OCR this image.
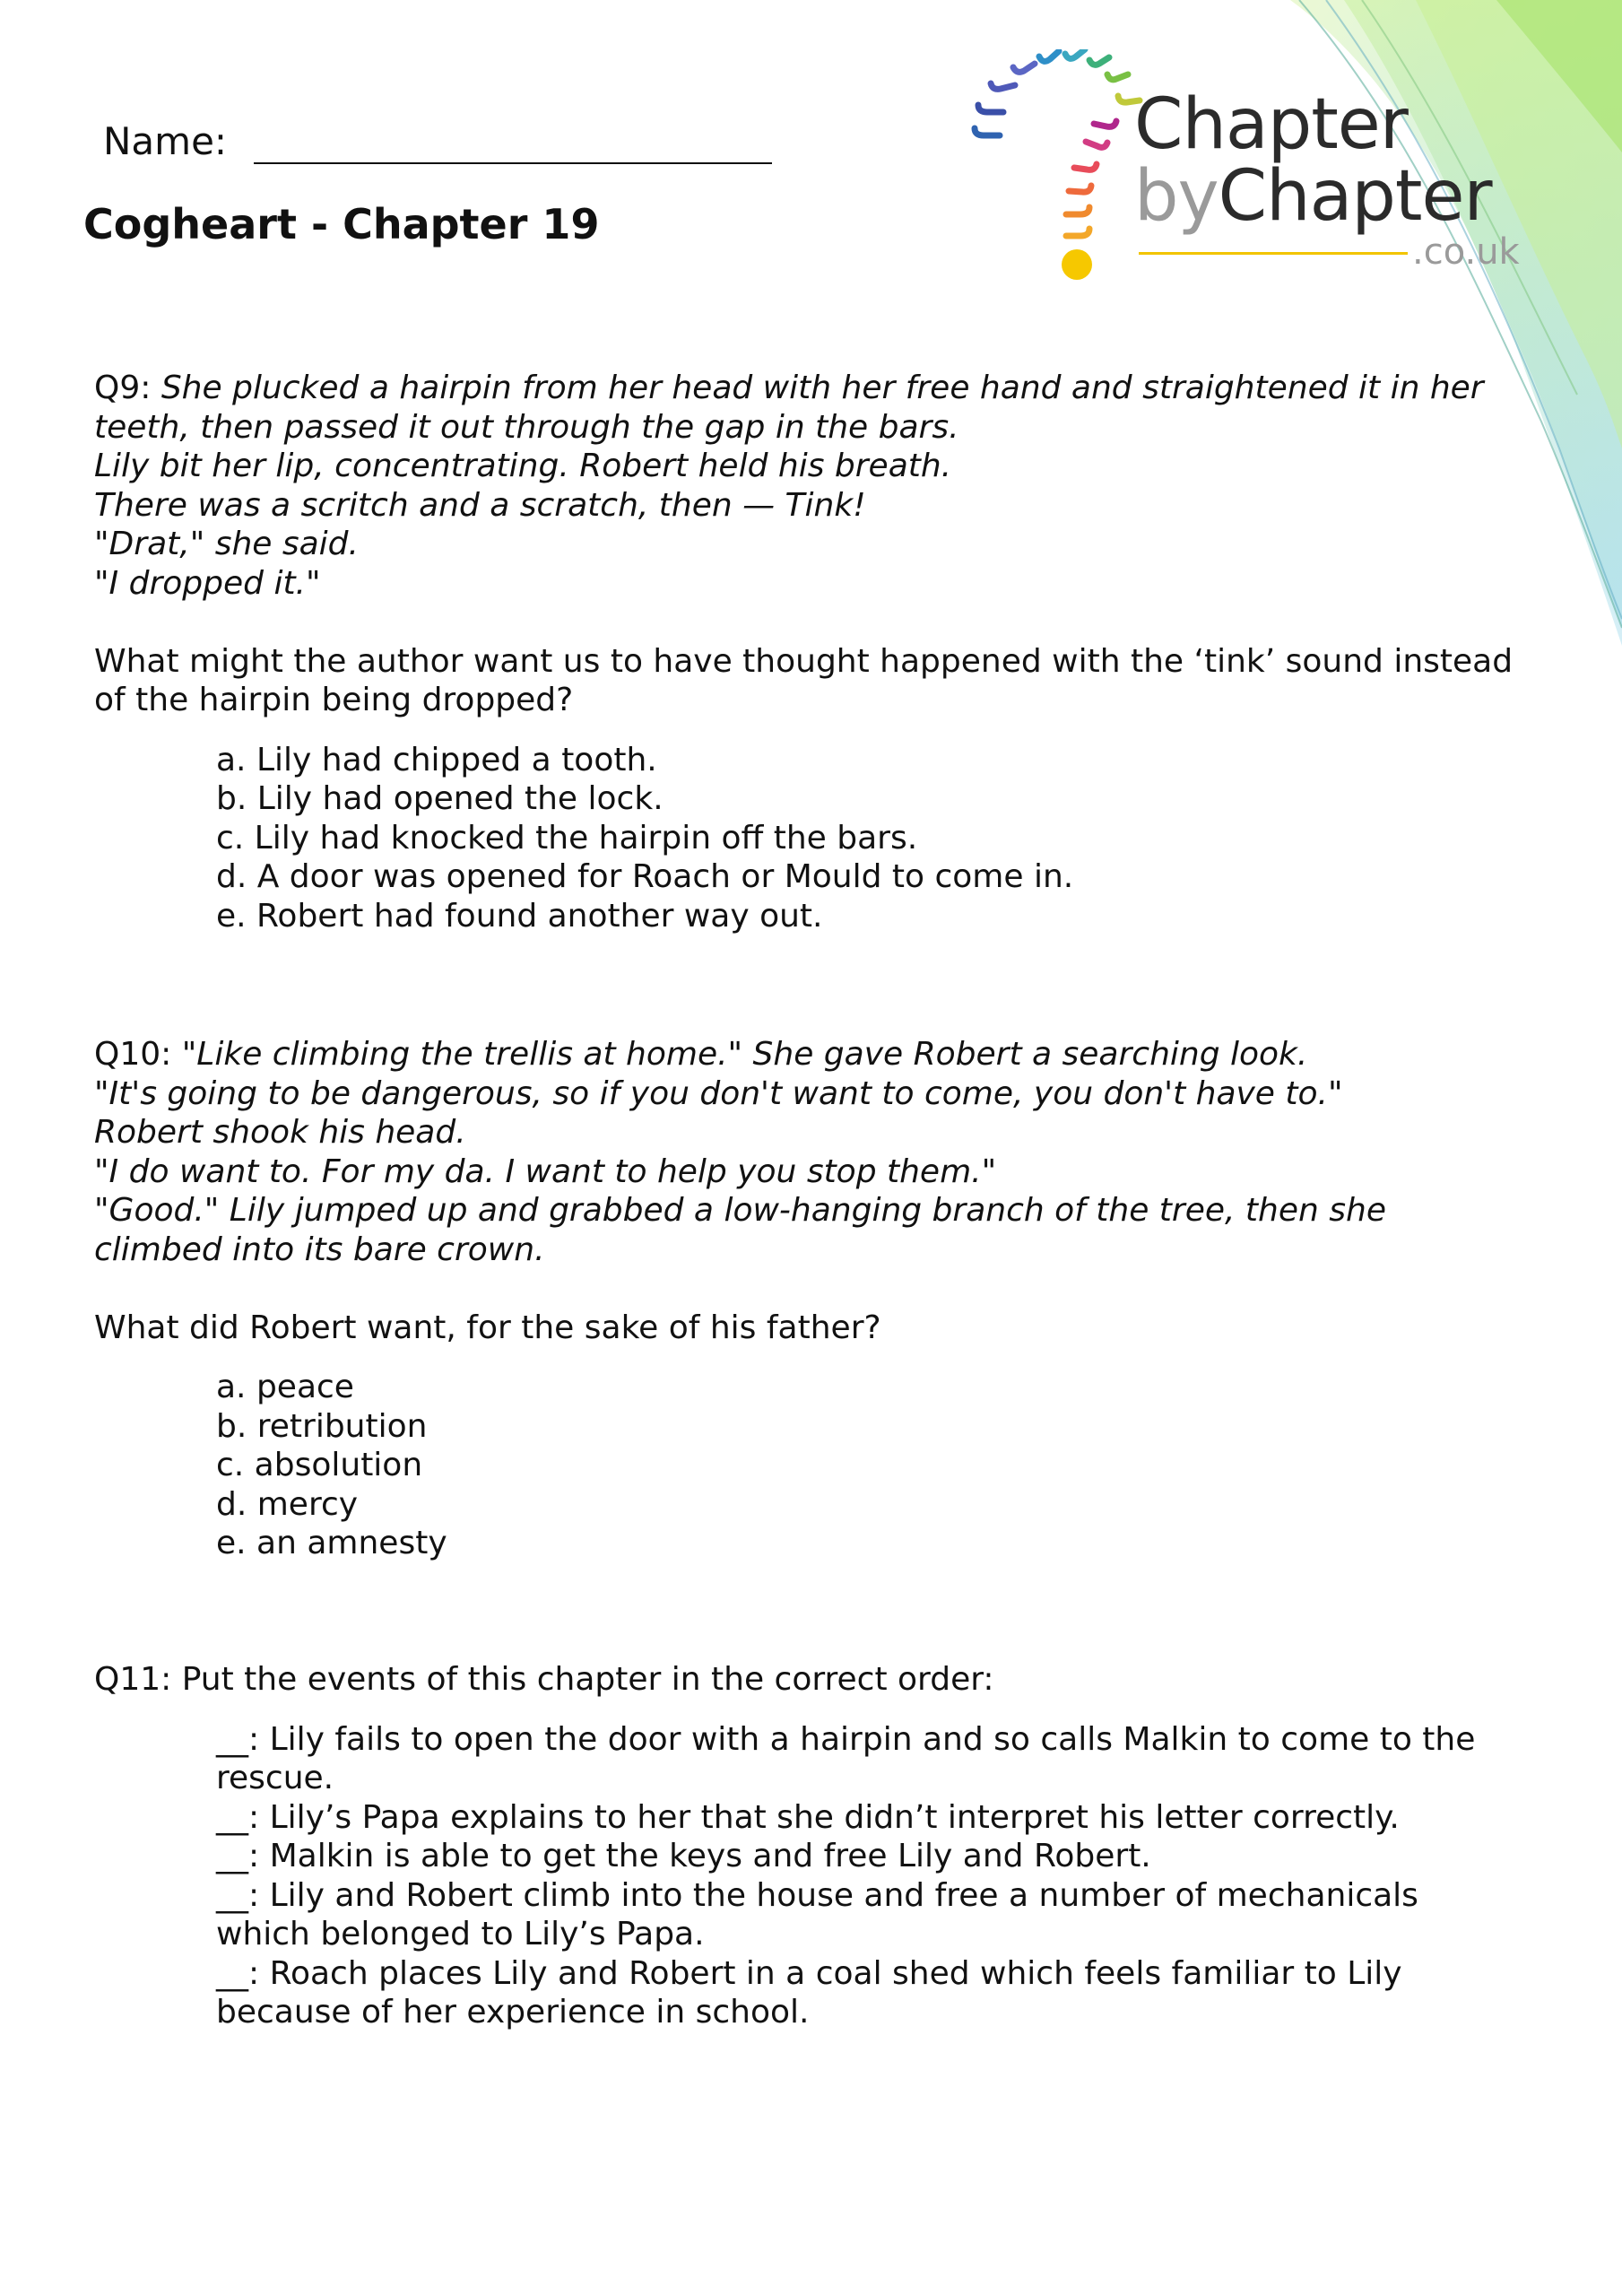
Chapter
byChapter
.co.uk
Name:
Cogheart - Chapter 19
Q9: She plucked a hairpin from her head with her free hand and straightened it in her
teeth, then passed it out through the gap in the bars.
Lily bit her lip, concentrating. Robert held his breath.
There was a scritch and a scratch, then — Tink!
"Drat," she said.
"I dropped it."
What might the author want us to have thought happened with the ‘tink’ sound instead of the hairpin being dropped?
a. Lily had chipped a tooth.
b. Lily had opened the lock.
c. Lily had knocked the hairpin off the bars.
d. A door was opened for Roach or Mould to come in.
e. Robert had found another way out.
Q10: "Like climbing the trellis at home." She gave Robert a searching look.
"It's going to be dangerous, so if you don't want to come, you don't have to."
Robert shook his head.
"I do want to. For my da. I want to help you stop them."
"Good." Lily jumped up and grabbed a low-hanging branch of the tree, then she
climbed into its bare crown.
What did Robert want, for the sake of his father?
a. peace
b. retribution
c. absolution
d. mercy
e. an amnesty
Q11: Put the events of this chapter in the correct order:
__: Lily fails to open the door with a hairpin and so calls Malkin to come to the rescue.
__: Lily’s Papa explains to her that she didn’t interpret his letter correctly.
__: Malkin is able to get the keys and free Lily and Robert.
__: Lily and Robert climb into the house and free a number of mechanicals which belonged to Lily’s Papa.
__: Roach places Lily and Robert in a coal shed which feels familiar to Lily because of her experience in school.
